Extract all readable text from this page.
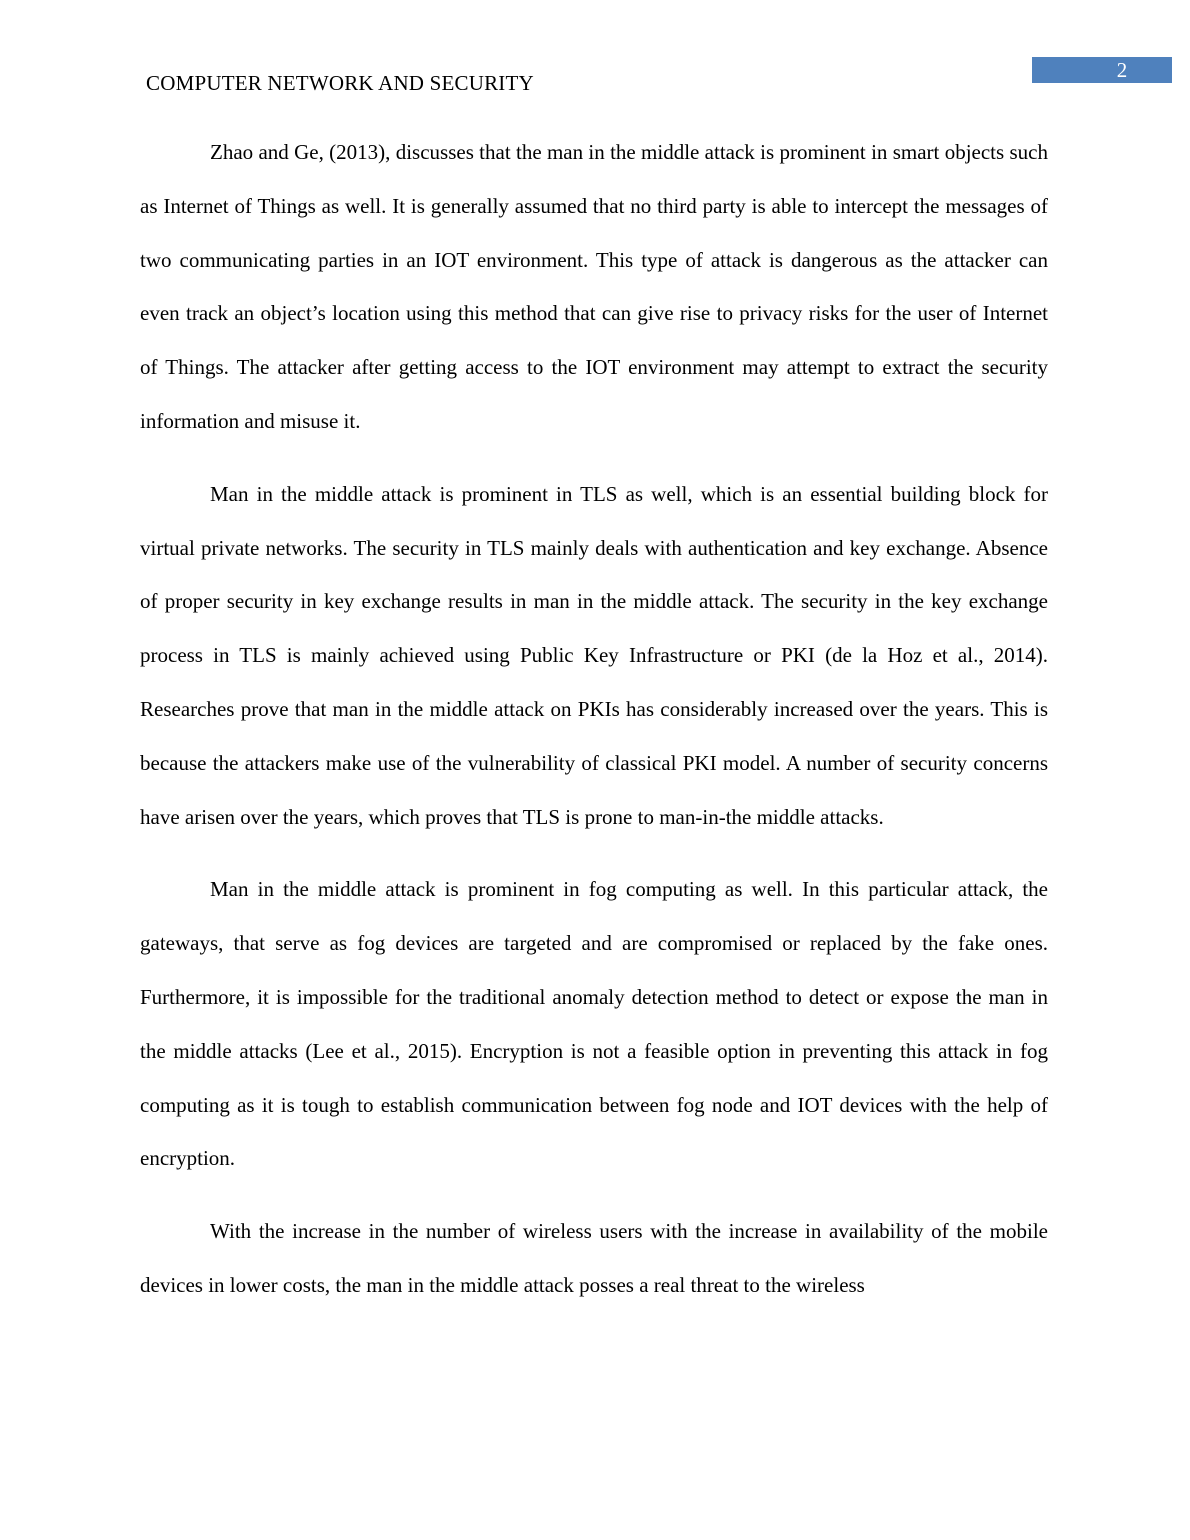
COMPUTER NETWORK AND SECURITY
2

Zhao and Ge, (2013), discusses that the man in the middle attack is prominent in smart objects such as Internet of Things as well. It is generally assumed that no third party is able to intercept the messages of two communicating parties in an IOT environment. This type of attack is dangerous as the attacker can even track an object’s location using this method that can give rise to privacy risks for the user of Internet of Things. The attacker after getting access to the IOT environment may attempt to extract the security information and misuse it.

Man in the middle attack is prominent in TLS as well, which is an essential building block for virtual private networks. The security in TLS mainly deals with authentication and key exchange. Absence of proper security in key exchange results in man in the middle attack. The security in the key exchange process in TLS is mainly achieved using Public Key Infrastructure or PKI (de la Hoz et al., 2014). Researches prove that man in the middle attack on PKIs has considerably increased over the years. This is because the attackers make use of the vulnerability of classical PKI model. A number of security concerns have arisen over the years, which proves that TLS is prone to man-in-the middle attacks.

Man in the middle attack is prominent in fog computing as well. In this particular attack, the gateways, that serve as fog devices are targeted and are compromised or replaced by the fake ones. Furthermore, it is impossible for the traditional anomaly detection method to detect or expose the man in the middle attacks (Lee et al., 2015). Encryption is not a feasible option in preventing this attack in fog computing as it is tough to establish communication between fog node and IOT devices with the help of encryption.

With the increase in the number of wireless users with the increase in availability of the mobile devices in lower costs, the man in the middle attack posses a real threat to the wireless
